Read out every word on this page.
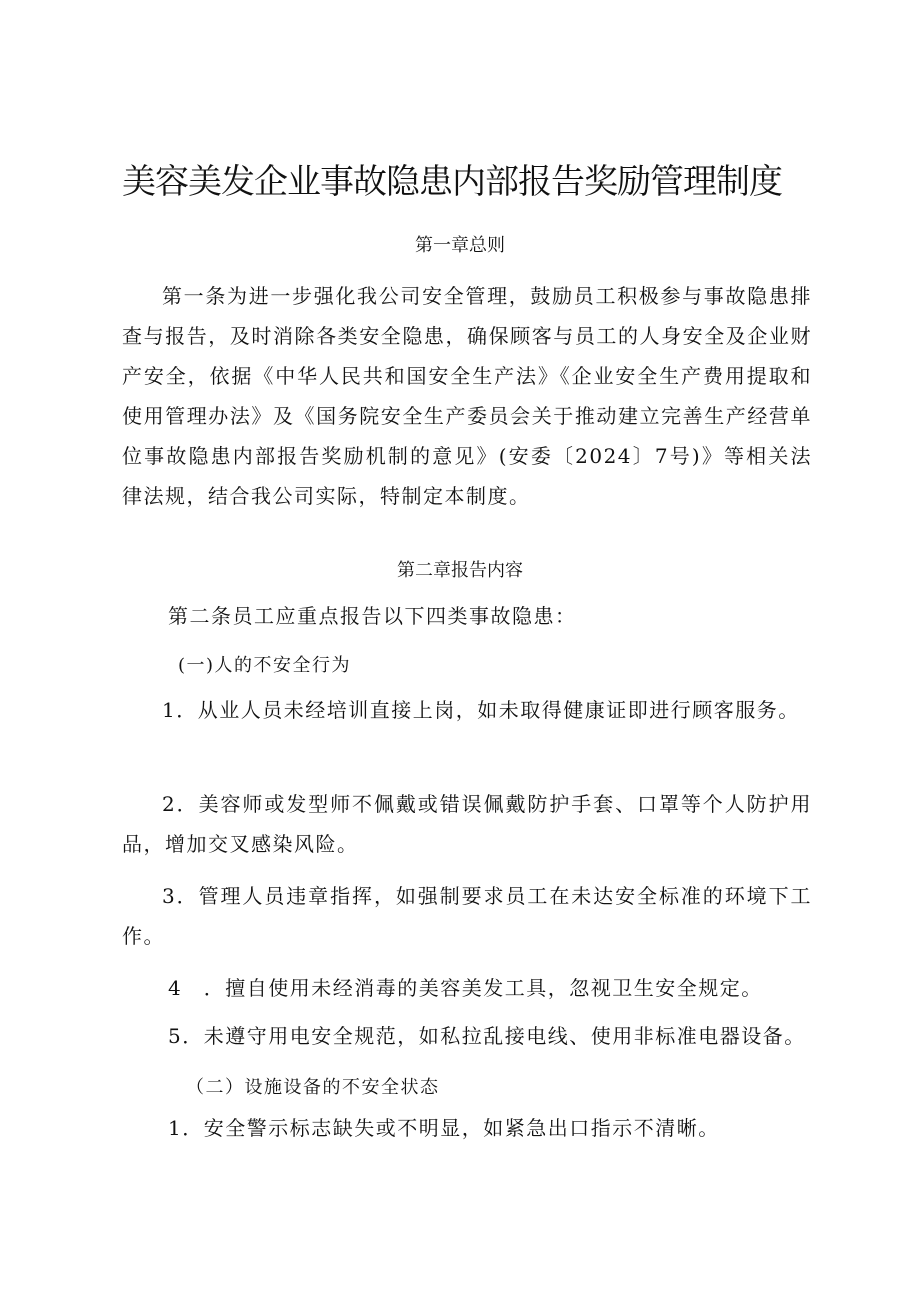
美容美发企业事故隐患内部报告奖励管理制度
第一章总则

第一条为进一步强化我公司安全管理，鼓励员工积极参与事故隐患排查与报告，及时消除各类安全隐患，确保顾客与员工的人身安全及企业财产安全，依据《中华人民共和国安全生产法》《企业安全生产费用提取和使用管理办法》及《国务院安全生产委员会关于推动建立完善生产经营单位事故隐患内部报告奖励机制的意见》(安委〔2024〕7号)》等相关法律法规，结合我公司实际，特制定本制度。

第二章报告内容

第二条员工应重点报告以下四类事故隐患：

(一)人的不安全行为

1．从业人员未经培训直接上岗，如未取得健康证即进行顾客服务。

2．美容师或发型师不佩戴或错误佩戴防护手套、口罩等个人防护用品，增加交叉感染风险。

3．管理人员违章指挥，如强制要求员工在未达安全标准的环境下工作。

4　．擅自使用未经消毒的美容美发工具，忽视卫生安全规定。

5．未遵守用电安全规范，如私拉乱接电线、使用非标准电器设备。

（二）设施设备的不安全状态

1．安全警示标志缺失或不明显，如紧急出口指示不清晰。
